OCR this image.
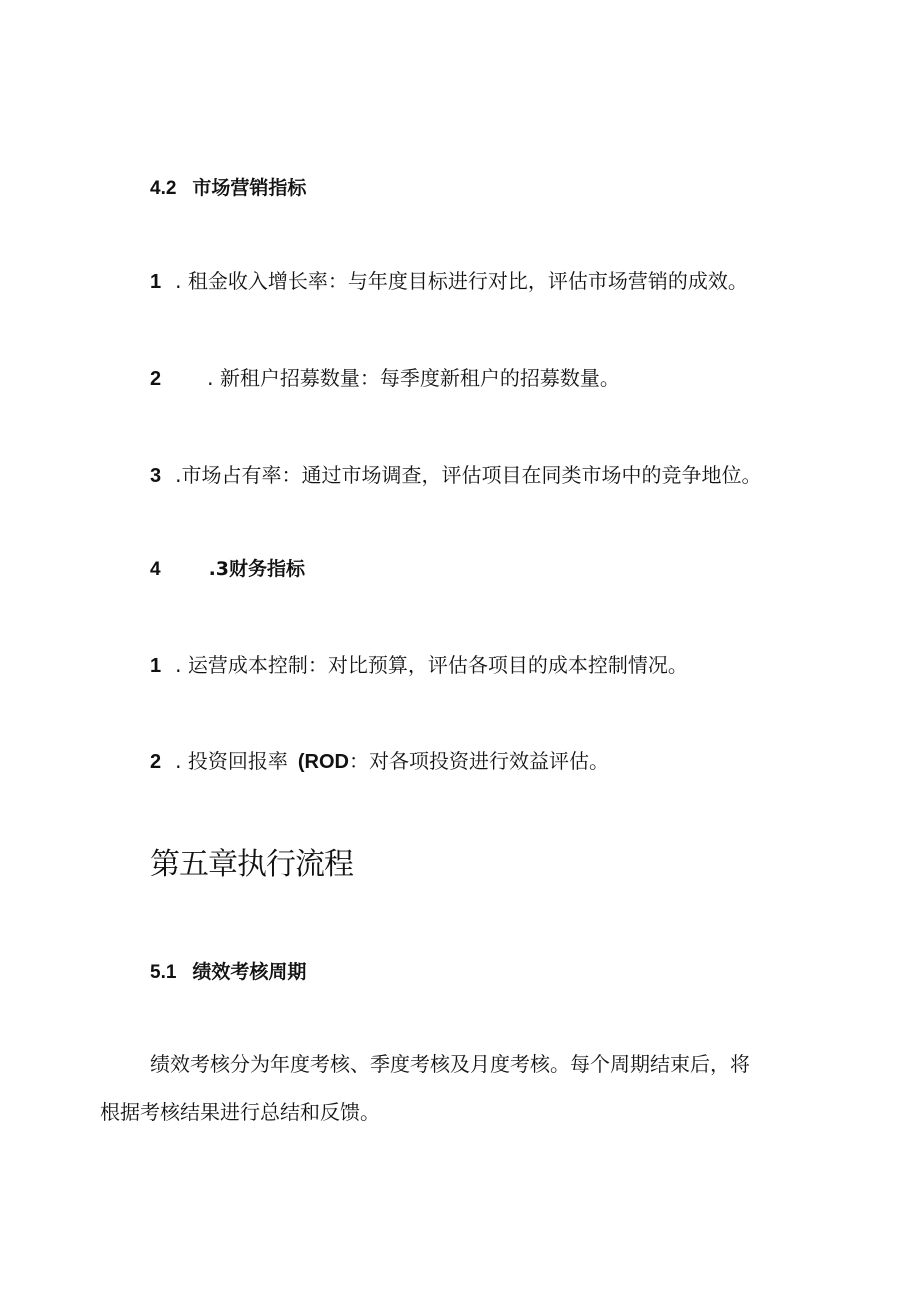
4.2 市场营销指标
1 . 租金收入增长率：与年度目标进行对比，评估市场营销的成效。
2 . 新租户招募数量：每季度新租户的招募数量。
3 .市场占有率：通过市场调查，评估项目在同类市场中的竞争地位。
4	.3财务指标
1 . 运营成本控制：对比预算，评估各项目的成本控制情况。
2 . 投资回报率 (ROD：对各项投资进行效益评估。
第五章执行流程
5.1 绩效考核周期
绩效考核分为年度考核、季度考核及月度考核。每个周期结束后，将
根据考核结果进行总结和反馈。
